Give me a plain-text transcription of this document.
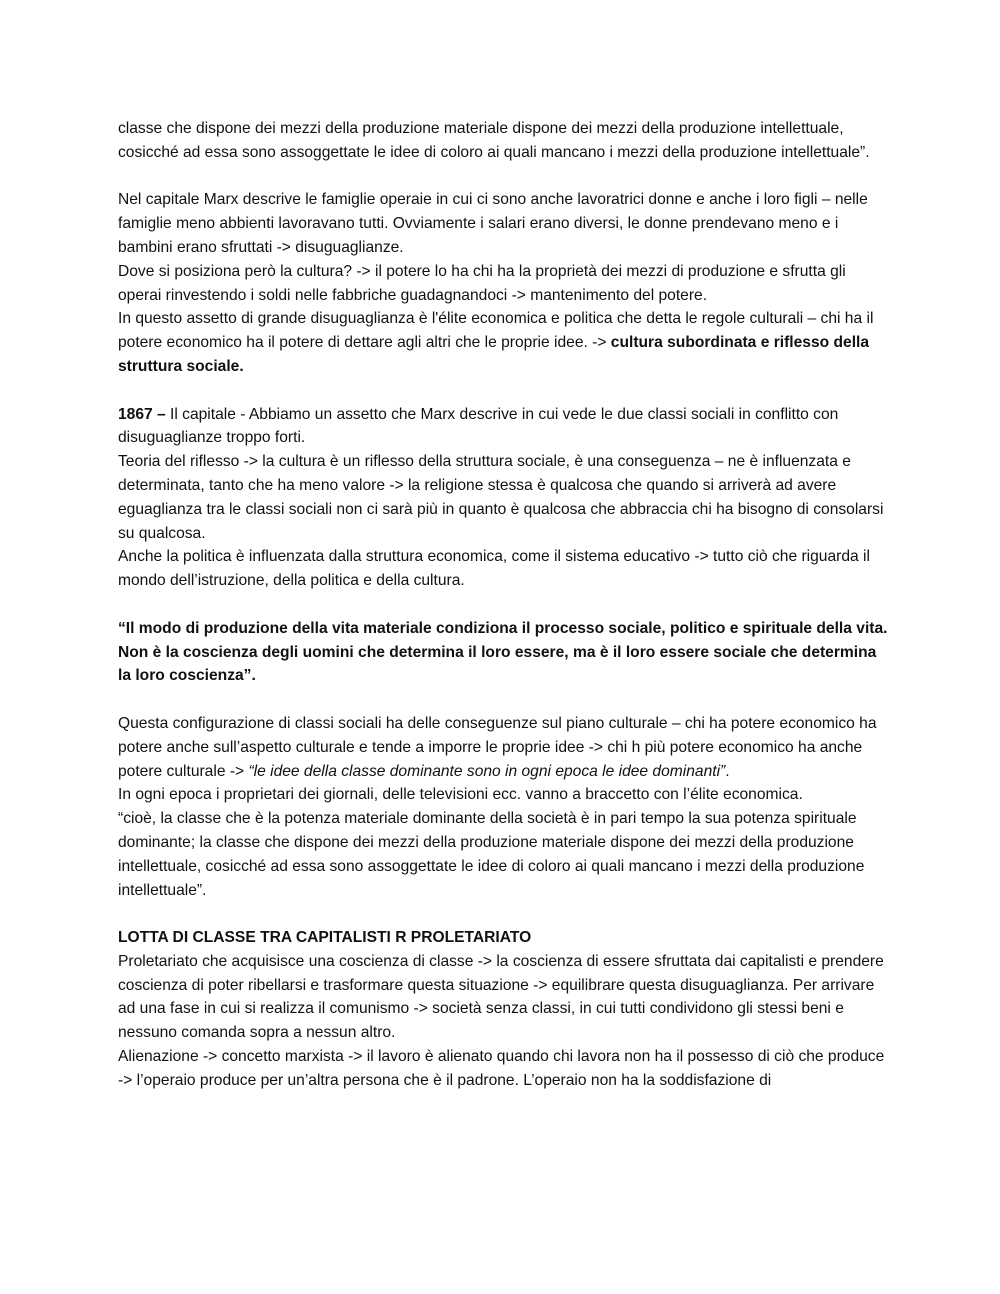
classe che dispone dei mezzi della produzione materiale dispone dei mezzi della produzione intellettuale, cosicché ad essa sono assoggettate le idee di coloro ai quali mancano i mezzi della produzione intellettuale”.

Nel capitale Marx descrive le famiglie operaie in cui ci sono anche lavoratrici donne e anche i loro figli – nelle famiglie meno abbienti lavoravano tutti. Ovviamente i salari erano diversi, le donne prendevano meno e i bambini erano sfruttati -> disuguaglianze.

Dove si posiziona però la cultura? -> il potere lo ha chi ha la proprietà dei mezzi di produzione e sfrutta gli operai rinvestendo i soldi nelle fabbriche guadagnandoci -> mantenimento del potere.

In questo assetto di grande disuguaglianza è l'élite economica e politica che detta le regole culturali – chi ha il potere economico ha il potere di dettare agli altri che le proprie idee. -> cultura subordinata e riflesso della struttura sociale.

1867 – Il capitale - Abbiamo un assetto che Marx descrive in cui vede le due classi sociali in conflitto con disuguaglianze troppo forti.

Teoria del riflesso -> la cultura è un riflesso della struttura sociale, è una conseguenza – ne è influenzata e determinata, tanto che ha meno valore -> la religione stessa è qualcosa che quando si arriverà ad avere eguaglianza tra le classi sociali non ci sarà più in quanto è qualcosa che abbraccia chi ha bisogno di consolarsi su qualcosa.

Anche la politica è influenzata dalla struttura economica, come il sistema educativo -> tutto ciò che riguarda il mondo dell’istruzione, della politica e della cultura.

“Il modo di produzione della vita materiale condiziona il processo sociale, politico e spirituale della vita. Non è la coscienza degli uomini che determina il loro essere, ma è il loro essere sociale che determina la loro coscienza”.

Questa configurazione di classi sociali ha delle conseguenze sul piano culturale – chi ha potere economico ha potere anche sull’aspetto culturale e tende a imporre le proprie idee -> chi h più potere economico ha anche potere culturale -> “le idee della classe dominante sono in ogni epoca le idee dominanti”.

In ogni epoca i proprietari dei giornali, delle televisioni ecc. vanno a braccetto con l’élite economica.

“cioè, la classe che è la potenza materiale dominante della società è in pari tempo la sua potenza spirituale dominante; la classe che dispone dei mezzi della produzione materiale dispone dei mezzi della produzione intellettuale, cosicché ad essa sono assoggettate le idee di coloro ai quali mancano i mezzi della produzione intellettuale”.

LOTTA DI CLASSE TRA CAPITALISTI R PROLETARIATO

Proletariato che acquisisce una coscienza di classe -> la coscienza di essere sfruttata dai capitalisti e prendere coscienza di poter ribellarsi e trasformare questa situazione -> equilibrare questa disuguaglianza. Per arrivare ad una fase in cui si realizza il comunismo -> società senza classi, in cui tutti condividono gli stessi beni e nessuno comanda sopra a nessun altro.

Alienazione -> concetto marxista -> il lavoro è alienato quando chi lavora non ha il possesso di ciò che produce -> l’operaio produce per un’altra persona che è il padrone. L’operaio non ha la soddisfazione di
